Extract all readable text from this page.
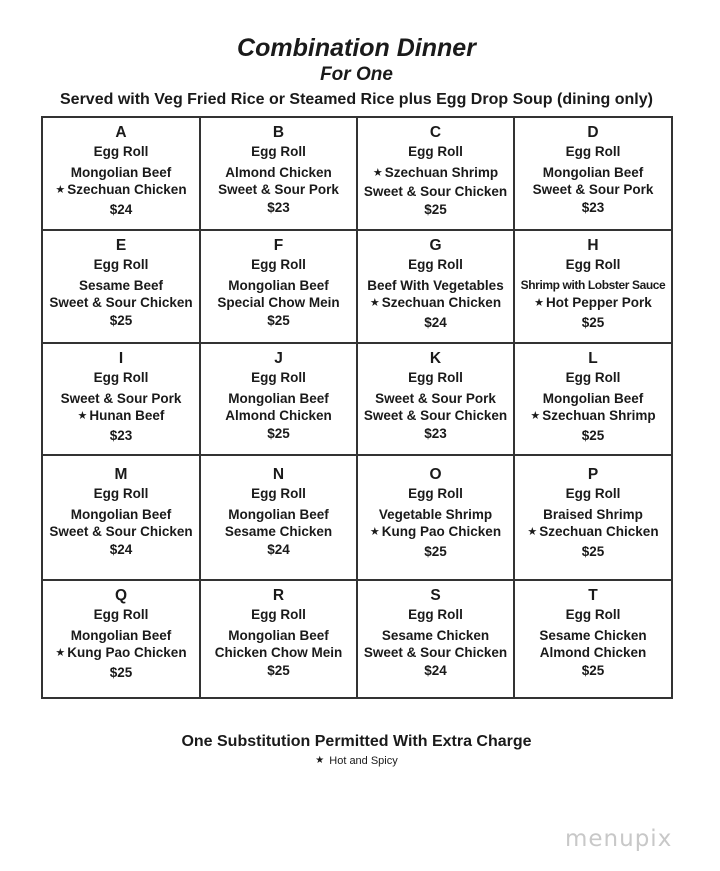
Combination Dinner
For One
Served with Veg Fried Rice or Steamed Rice plus Egg Drop Soup (dining only)
A
Egg Roll
Mongolian Beef
★ Szechuan Chicken
$24
B
Egg Roll
Almond Chicken
Sweet & Sour Pork
$23
C
Egg Roll
★ Szechuan Shrimp
Sweet & Sour Chicken
$25
D
Egg Roll
Mongolian Beef
Sweet & Sour Pork
$23
E
Egg Roll
Sesame Beef
Sweet & Sour Chicken
$25
F
Egg Roll
Mongolian Beef
Special Chow Mein
$25
G
Egg Roll
Beef With Vegetables
★ Szechuan Chicken
$24
H
Egg Roll
Shrimp with Lobster Sauce
★ Hot Pepper Pork
$25
I
Egg Roll
Sweet & Sour Pork
★ Hunan Beef
$23
J
Egg Roll
Mongolian Beef
Almond Chicken
$25
K
Egg Roll
Sweet & Sour Pork
Sweet & Sour Chicken
$23
L
Egg Roll
Mongolian Beef
★ Szechuan Shrimp
$25
M
Egg Roll
Mongolian Beef
Sweet & Sour Chicken
$24
N
Egg Roll
Mongolian Beef
Sesame Chicken
$24
O
Egg Roll
Vegetable Shrimp
★ Kung Pao Chicken
$25
P
Egg Roll
Braised Shrimp
★ Szechuan Chicken
$25
Q
Egg Roll
Mongolian Beef
★ Kung Pao Chicken
$25
R
Egg Roll
Mongolian Beef
Chicken Chow Mein
$25
S
Egg Roll
Sesame Chicken
Sweet & Sour Chicken
$24
T
Egg Roll
Sesame Chicken
Almond Chicken
$25
One Substitution Permitted With Extra Charge
★ Hot and Spicy
menupix
